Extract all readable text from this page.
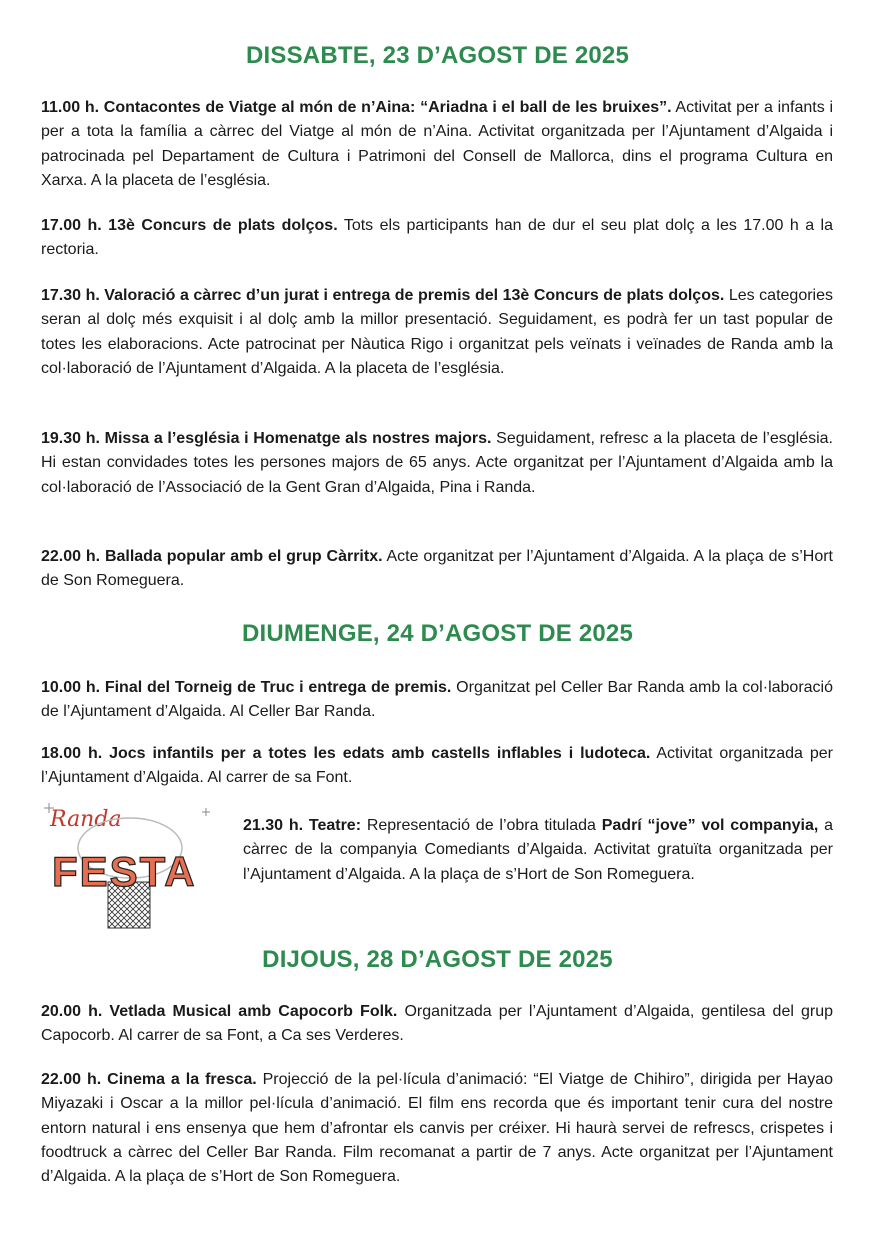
DISSABTE, 23 D’AGOST DE 2025

11.00 h. Contacontes de Viatge al món de n’Aina: “Ariadna i el ball de les bruixes”. Activitat per a infants i per a tota la família a càrrec del Viatge al món de n’Aina. Activitat organitzada per l’Ajuntament d’Algaida i patrocinada pel Departament de Cultura i Patrimoni del Consell de Mallorca, dins el programa Cultura en Xarxa. A la placeta de l’església.

17.00 h. 13è Concurs de plats dolços. Tots els participants han de dur el seu plat dolç a les 17.00 h a la rectoria.

17.30 h. Valoració a càrrec d’un jurat i entrega de premis del 13è Concurs de plats dolços. Les categories seran al dolç més exquisit i al dolç amb la millor presentació. Seguidament, es podrà fer un tast popular de totes les elaboracions. Acte patrocinat per Nàutica Rigo i organitzat pels veïnats i veïnades de Randa amb la col·laboració de l’Ajuntament d’Algaida. A la placeta de l’església.

19.30 h. Missa a l’església i Homenatge als nostres majors. Seguidament, refresc a la placeta de l’església. Hi estan convidades totes les persones majors de 65 anys. Acte organitzat per l’Ajuntament d’Algaida amb la col·laboració de l’Associació de la Gent Gran d’Algaida, Pina i Randa.

22.00 h. Ballada popular amb el grup Càrritx. Acte organitzat per l’Ajuntament d’Algaida. A la plaça de s’Hort de Son Romeguera.

DIUMENGE, 24 D’AGOST DE 2025

10.00 h. Final del Torneig de Truc i entrega de premis. Organitzat pel Celler Bar Randa amb la col·laboració de l’Ajuntament d’Algaida. Al Celler Bar Randa.

18.00 h. Jocs infantils per a totes les edats amb castells inflables i ludoteca. Activitat organitzada per l’Ajuntament d’Algaida. Al carrer de sa Font.

Randa
FESTA

21.30 h. Teatre: Representació de l’obra titulada Padrí “jove” vol companyia, a càrrec de la companyia Comediants d’Algaida. Activitat gratuïta organitzada per l’Ajuntament d’Algaida. A la plaça de s’Hort de Son Romeguera.

DIJOUS, 28 D’AGOST DE 2025

20.00 h. Vetlada Musical amb Capocorb Folk. Organitzada per l’Ajuntament d’Algaida, gentilesa del grup Capocorb. Al carrer de sa Font, a Ca ses Verderes.

22.00 h. Cinema a la fresca. Projecció de la pel·lícula d’animació: “El Viatge de Chihiro”, dirigida per Hayao Miyazaki i Oscar a la millor pel·lícula d’animació. El film ens recorda que és important tenir cura del nostre entorn natural i ens ensenya que hem d’afrontar els canvis per créixer. Hi haurà servei de refrescs, crispetes i foodtruck a càrrec del Celler Bar Randa. Film recomanat a partir de 7 anys. Acte organitzat per l’Ajuntament d’Algaida. A la plaça de s’Hort de Son Romeguera.
